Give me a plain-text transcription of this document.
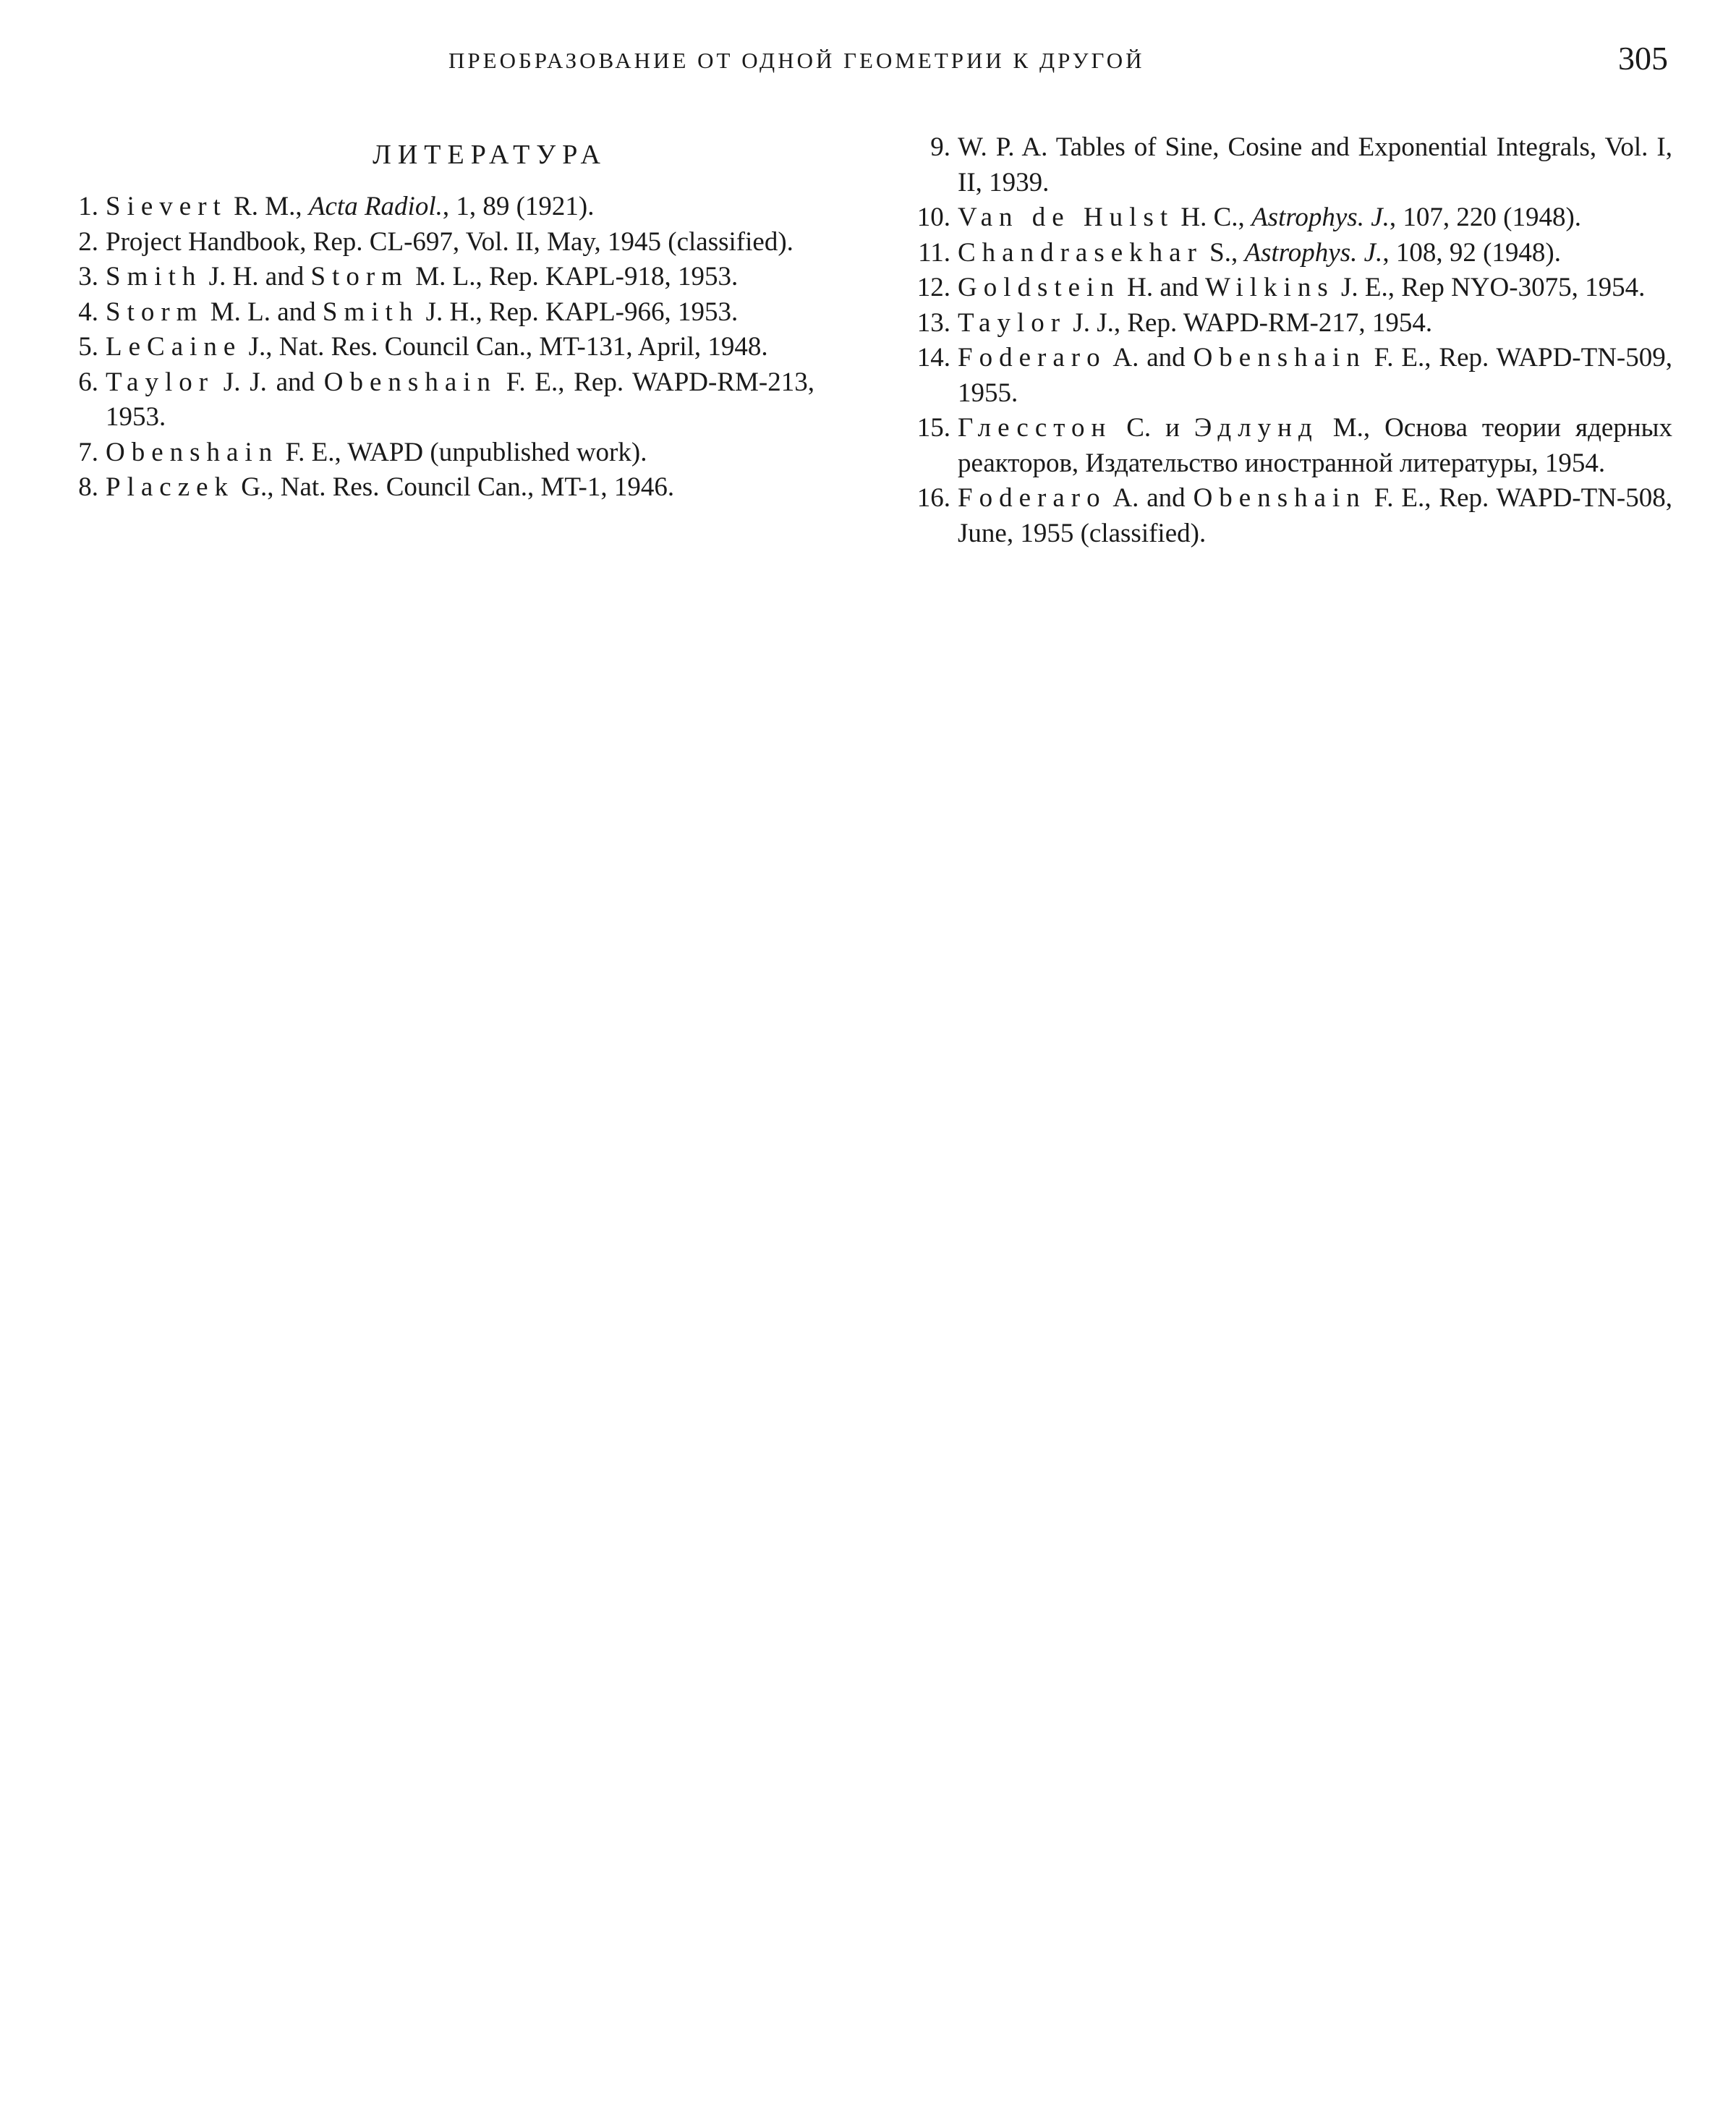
ПРЕОБРАЗОВАНИЕ ОТ ОДНОЙ ГЕОМЕТРИИ К ДРУГОЙ	305
ЛИТЕРАТУРА
1. Sievert R. M., Acta Radiol., 1, 89 (1921).
2. Project Handbook, Rep. CL-697, Vol. II, May, 1945 (classified).
3. Smith J. H. and Storm M. L., Rep. KAPL-918, 1953.
4. Storm M. L. and Smith J. H., Rep. KAPL-966, 1953.
5. LeCaine J., Nat. Res. Council Can., MT-131, April, 1948.
6. Taylor J. J. and Obenshain F. E., Rep. WAPD-RM-213, 1953.
7. Obenshain F. E., WAPD (unpublished work).
8. Placzek G., Nat. Res. Council Can., MT-1, 1946.
9. W. P. A. Tables of Sine, Cosine and Exponential Integrals, Vol. I, II, 1939.
10. Van de Hulst H. C., Astrophys. J., 107, 220 (1948).
11. Chandrasekhar S., Astrophys. J., 108, 92 (1948).
12. Goldstein H. and Wilkins J. E., Rep NYO-3075, 1954.
13. Taylor J. J., Rep. WAPD-RM-217, 1954.
14. Foderaro A. and Obenshain F. E., Rep. WAPD-TN-509, 1955.
15. Глесстон С. и Эдлунд М., Основа теории ядерных реакторов, Издательство иностранной литературы, 1954.
16. Foderaro A. and Obenshain F. E., Rep. WAPD-TN-508, June, 1955 (classified).
